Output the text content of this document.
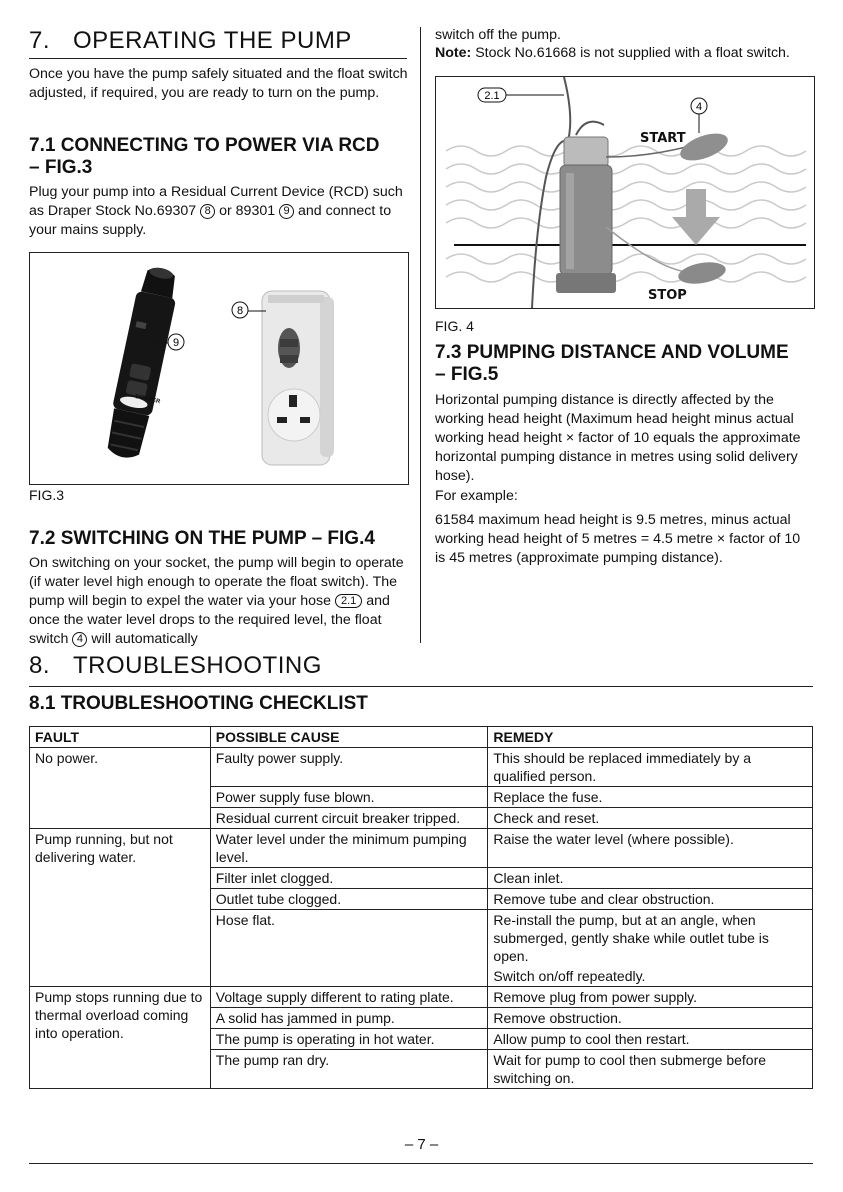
7. OPERATING THE PUMP
Once you have the pump safely situated and the float switch adjusted, if required, you are ready to turn on the pump.
7.1 CONNECTING TO POWER VIA RCD
– FIG.3
Plug your pump into a Residual Current Device (RCD) such as Draper Stock No.69307 8 or 89301 9 and connect to your mains supply.
DRAPER
9
8
FIG.3
7.2 SWITCHING ON THE PUMP – FIG.4
On switching on your socket, the pump will begin to operate (if water level high enough to operate the float switch). The pump will begin to expel the water via your hose 2.1 and once the water level drops to the required level, the float switch 4 will automatically
switch off the pump.
Note: Stock No.61668 is not supplied with a float switch.
START
STOP
2.1
4
FIG. 4
7.3 PUMPING DISTANCE AND VOLUME
– FIG.5
Horizontal pumping distance is directly affected by the working head height (Maximum head height minus actual working head height × factor of 10 equals the approximate horizontal pumping distance in metres using solid delivery hose).
For example:
61584 maximum head height is 9.5 metres, minus actual working head height of 5 metres = 4.5 metre × factor of 10 is 45 metres (approximate pumping distance).
8. TROUBLESHOOTING
8.1 TROUBLESHOOTING CHECKLIST
FAULT	POSSIBLE CAUSE	REMEDY
No power.	Faulty power supply.	This should be replaced immediately by a qualified person.
	Power supply fuse blown.	Replace the fuse.
	Residual current circuit breaker tripped.	Check and reset.
Pump running, but not delivering water.	Water level under the minimum pumping level.	Raise the water level (where possible).
	Filter inlet clogged.	Clean inlet.
	Outlet tube clogged.	Remove tube and clear obstruction.
	Hose flat.	Re-install the pump, but at an angle, when submerged, gently shake while outlet tube is open.
Switch on/off repeatedly.

Pump stops running due to thermal overload coming into operation.	Voltage supply different to rating plate.	Remove plug from power supply.
	A solid has jammed in pump.	Remove obstruction.
	The pump is operating in hot water.	Allow pump to cool then restart.
	The pump ran dry.	Wait for pump to cool then submerge before switching on.
– 7 –
